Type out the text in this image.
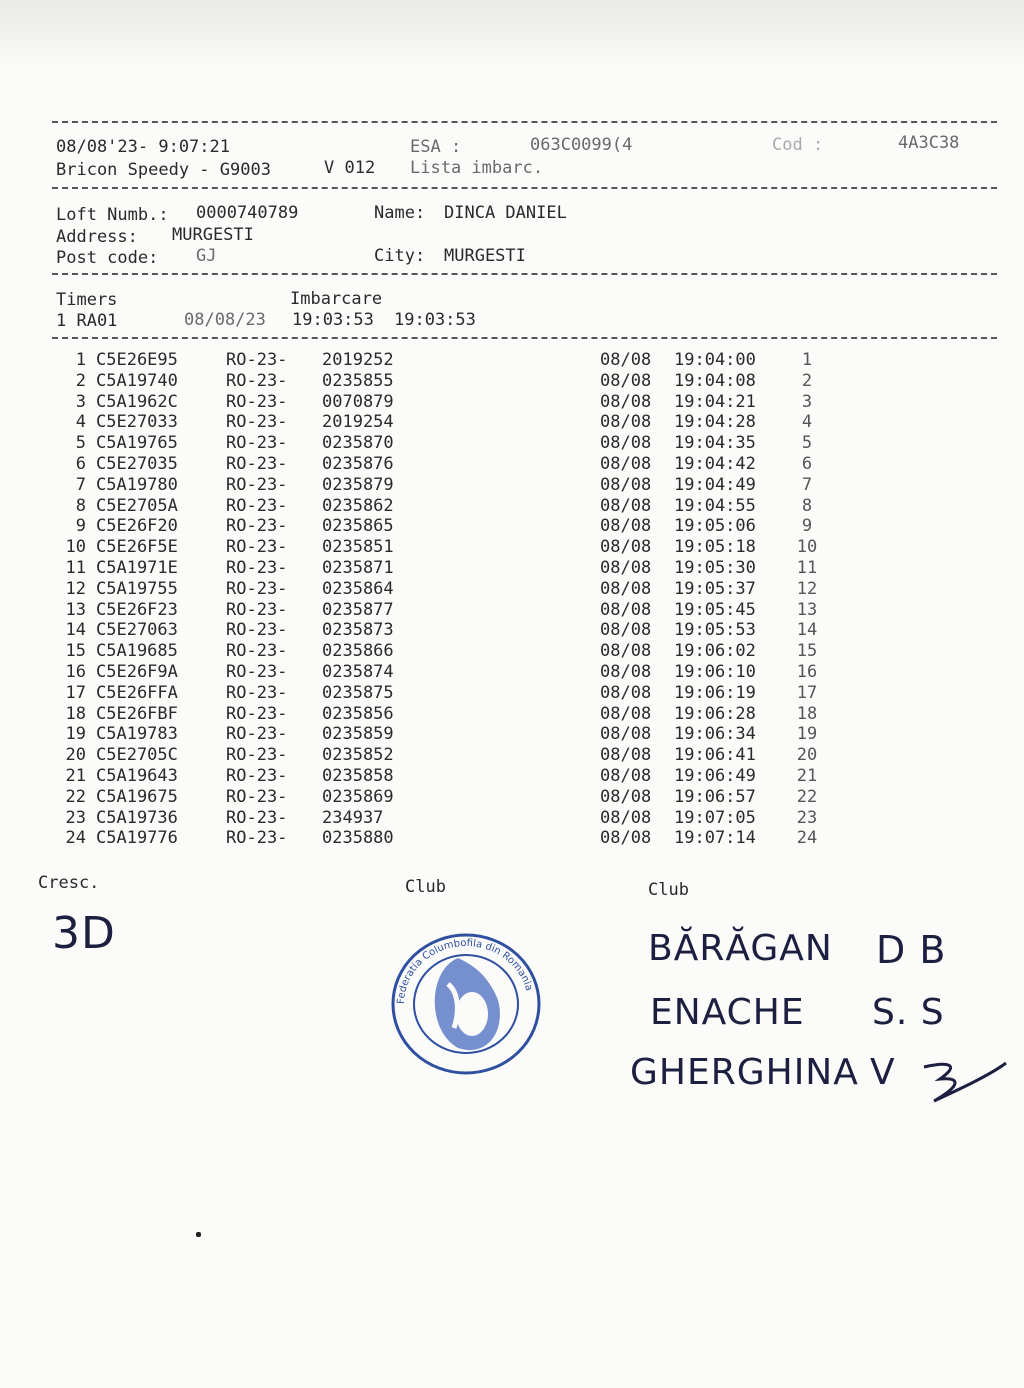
08/08'23- 9:07:21	ESA :	063C0099(4	Cod :	4A3C38
Bricon Speedy - G9003	V 012 Lista imbarc.
Loft Numb.: 0000740789	Name: DINCA DANIEL
Address: MURGESTI
Post code: GJ	City: MURGESTI
Timers	Imbarcare
1 RA01	08/08/23 19:03:53 19:03:53
1 C5E26E95	RO-23- 2019252	08/08 19:04:00	1
2 C5A19740	RO-23- 0235855	08/08 19:04:08	2
3 C5A1962C	RO-23- 0070879	08/08 19:04:21	3
4 C5E27033	RO-23- 2019254	08/08 19:04:28	4
5 C5A19765	RO-23- 0235870	08/08 19:04:35	5
6 C5E27035	RO-23- 0235876	08/08 19:04:42	6
7 C5A19780	RO-23- 0235879	08/08 19:04:49	7
8 C5E2705A	RO-23- 0235862	08/08 19:04:55	8
9 C5E26F20	RO-23- 0235865	08/08 19:05:06	9
10 C5E26F5E	RO-23- 0235851	08/08 19:05:18 10
11 C5A1971E	RO-23- 0235871	08/08 19:05:30 11
12 C5A19755	RO-23- 0235864	08/08 19:05:37 12
13 C5E26F23	RO-23- 0235877	08/08 19:05:45 13
14 C5E27063	RO-23- 0235873	08/08 19:05:53 14
15 C5A19685	RO-23- 0235866	08/08 19:06:02 15
16 C5E26F9A	RO-23- 0235874	08/08 19:06:10 16
17 C5E26FFA	RO-23- 0235875	08/08 19:06:19 17
18 C5E26FBF	RO-23- 0235856	08/08 19:06:28 18
19 C5A19783	RO-23- 0235859	08/08 19:06:34 19
20 C5E2705C	RO-23- 0235852	08/08 19:06:41 20
21 C5A19643	RO-23- 0235858	08/08 19:06:49 21
22 C5A19675	RO-23- 0235869	08/08 19:06:57 22
23 C5A19736	RO-23- 234937	08/08 19:07:05 23
24 C5A19776	RO-23- 0235880	08/08 19:07:14 24
Cresc.	Club	Club
3D
Federatia Columbofila din Romania
BĂRĂGAN D B
ENACHE S. S
GHERGHINA V
